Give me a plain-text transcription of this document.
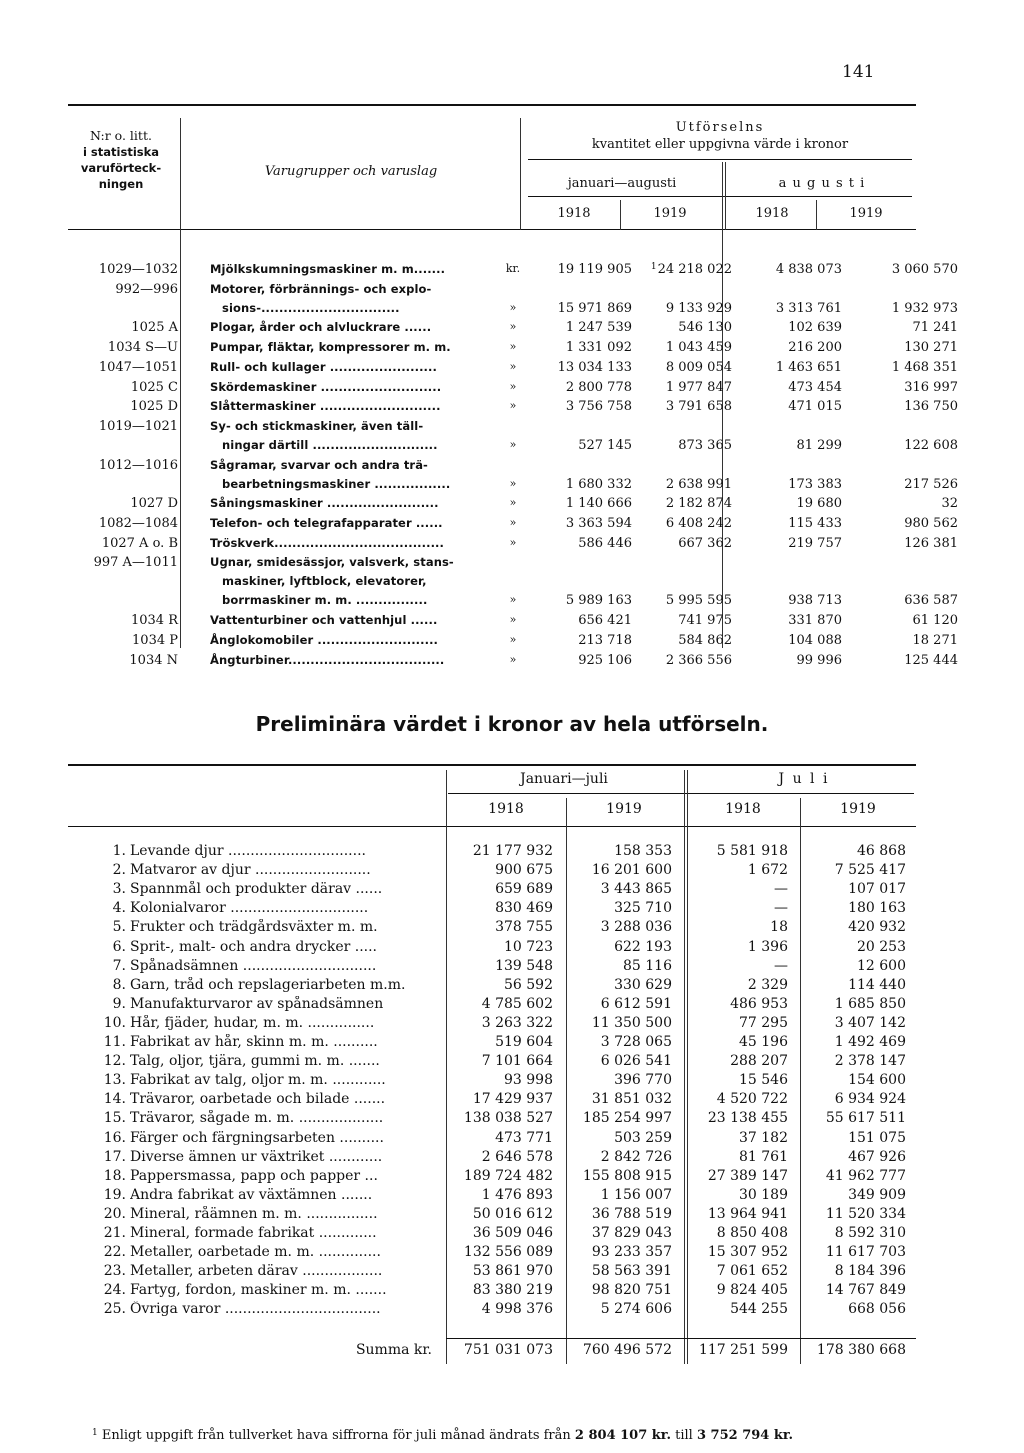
141
N:r o. litt.
i statistiska
varuförteck-
ningen
Varugrupper och varuslag
Utförselns
kvantitet eller uppgivna värde i kronor
januari—augusti	a u g u s t i
1918	1919	1918	1919
1029—1032	Mjölkskumningsmaskiner m. m.......	kr.	19 119 905	$^1$24 218 022	4 838 073	3 060 570
992—996	Motorer, förbrännings- och explo-
sions-...............................	»	15 971 869	9 133 929	3 313 761	1 932 973
1025 A	Plogar, årder och alvluckrare ......	»	1 247 539	546 130	102 639	71 241
1034 S—U	Pumpar, fläktar, kompressorer m. m.	»	1 331 092	1 043 459	216 200	130 271
1047—1051	Rull- och kullager ........................	»	13 034 133	8 009 054	1 463 651	1 468 351
1025 C	Skördemaskiner ...........................	»	2 800 778	1 977 847	473 454	316 997
1025 D	Slåttermaskiner ...........................	»	3 756 758	3 791 658	471 015	136 750
1019—1021	Sy- och stickmaskiner, även täll-
ningar därtill ............................	»	527 145	873 365	81 299	122 608
1012—1016	Sågramar, svarvar och andra trä-
bearbetningsmaskiner .................	»	1 680 332	2 638 991	173 383	217 526
1027 D	Såningsmaskiner .........................	»	1 140 666	2 182 874	19 680	32
1082—1084	Telefon- och telegrafapparater ......	»	3 363 594	6 408 242	115 433	980 562
1027 A o. B	Tröskverk......................................	»	586 446	667 362	219 757	126 381
997 A—1011	Ugnar, smidesässjor, valsverk, stans-
maskiner, lyftblock, elevatorer,
borrmaskiner m. m. ................	»	5 989 163	5 995 595	938 713	636 587
1034 R	Vattenturbiner och vattenhjul ......	»	656 421	741 975	331 870	61 120
1034 P	Ånglokomobiler ...........................	»	213 718	584 862	104 088	18 271
1034 N	Ångturbiner...................................	»	925 106	2 366 556	99 996	125 444
Preliminära värdet i kronor av hela utförseln.
Januari—juli	J u l i
1918	1919	1918	1919
1. Levande djur ...............................	21 177 932	158 353	5 581 918	46 868
2. Matvaror av djur ..........................	900 675	16 201 600	1 672	7 525 417
3. Spannmål och produkter därav ......	659 689	3 443 865	—	107 017
4. Kolonialvaror ...............................	830 469	325 710	—	180 163
5. Frukter och trädgårdsväxter m. m.	378 755	3 288 036	18	420 932
6. Sprit-, malt- och andra drycker .....	10 723	622 193	1 396	20 253
7. Spånadsämnen ..............................	139 548	85 116	—	12 600
8. Garn, tråd och repslageriarbeten m.m.	56 592	330 629	2 329	114 440
9. Manufakturvaror av spånadsämnen	4 785 602	6 612 591	486 953	1 685 850
10. Hår, fjäder, hudar, m. m. ...............	3 263 322	11 350 500	77 295	3 407 142
11. Fabrikat av hår, skinn m. m. ..........	519 604	3 728 065	45 196	1 492 469
12. Talg, oljor, tjära, gummi m. m. .......	7 101 664	6 026 541	288 207	2 378 147
13. Fabrikat av talg, oljor m. m. ............	93 998	396 770	15 546	154 600
14. Trävaror, oarbetade och bilade .......	17 429 937	31 851 032	4 520 722	6 934 924
15. Trävaror, sågade m. m. ...................	138 038 527	185 254 997	23 138 455	55 617 511
16. Färger och färgningsarbeten ..........	473 771	503 259	37 182	151 075
17. Diverse ämnen ur växtriket ............	2 646 578	2 842 726	81 761	467 926
18. Pappersmassa, papp och papper ...	189 724 482	155 808 915	27 389 147	41 962 777
19. Andra fabrikat av växtämnen .......	1 476 893	1 156 007	30 189	349 909
20. Mineral, råämnen m. m. ................	50 016 612	36 788 519	13 964 941	11 520 334
21. Mineral, formade fabrikat .............	36 509 046	37 829 043	8 850 408	8 592 310
22. Metaller, oarbetade m. m. ..............	132 556 089	93 233 357	15 307 952	11 617 703
23. Metaller, arbeten därav ..................	53 861 970	58 563 391	7 061 652	8 184 396
24. Fartyg, fordon, maskiner m. m. .......	83 380 219	98 820 751	9 824 405	14 767 849
25. Övriga varor ...................................	4 998 376	5 274 606	544 255	668 056
Summa kr.	751 031 073	760 496 572	117 251 599	178 380 668
$^1$ Enligt uppgift från tullverket hava siffrorna för juli månad ändrats från 2 804 107 kr. till 3 752 794 kr.
